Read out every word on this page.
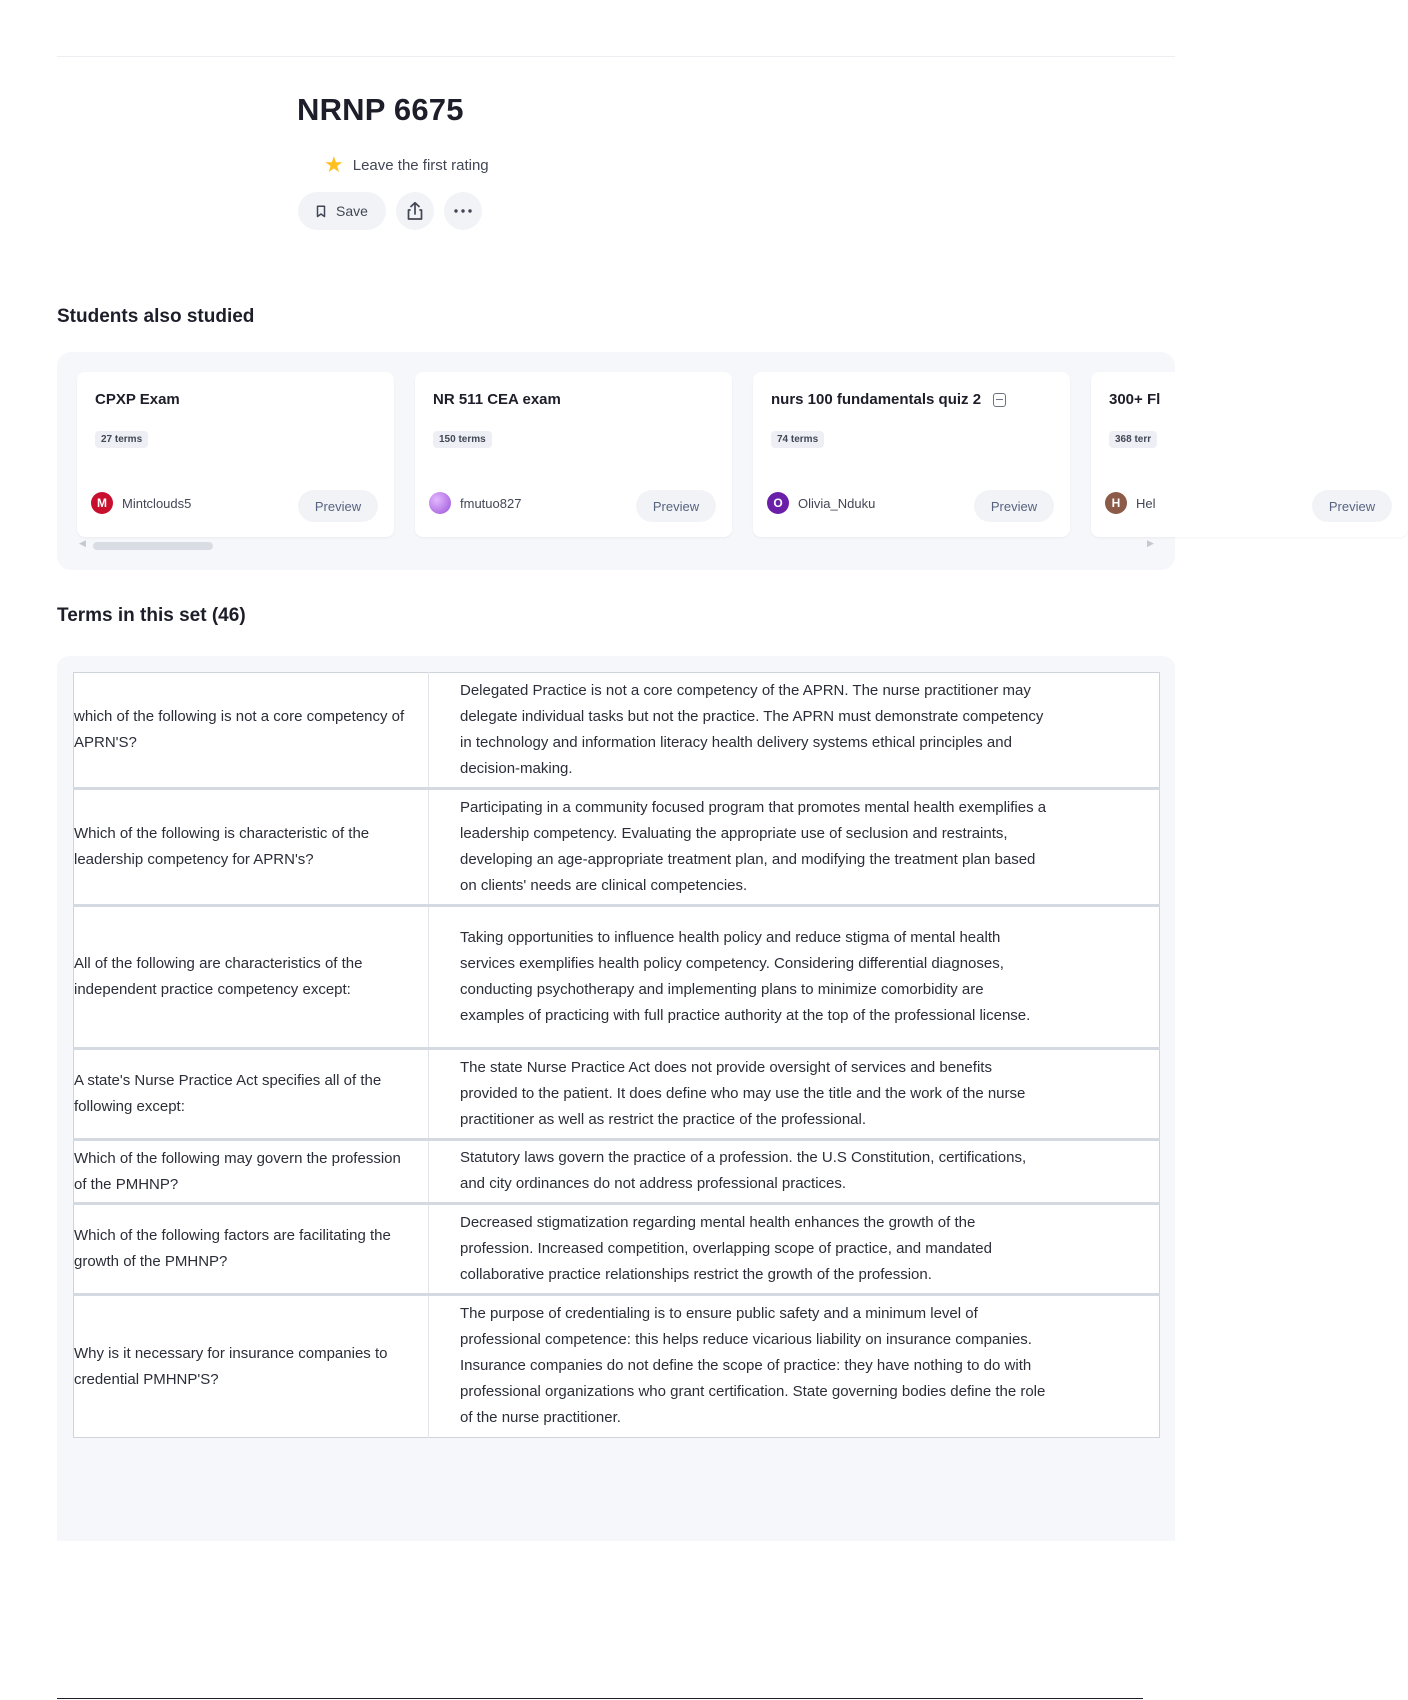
NRNP 6675
★ Leave the first rating
Save
Students also studied
CPXP Exam
27 terms
M	Mintclouds5	Preview
NR 511 CEA exam
150 terms
fmutuo827	Preview
nurs 100 fundamentals quiz 2
74 terms
O	Olivia_Nduku	Preview
300+ Fl
368 terr
H	Hel	Preview
◀	▶
Terms in this set (46)
which of the following is not a core competency of APRN'S?	Delegated Practice is not a core competency of the APRN. The nurse practitioner may delegate individual tasks but not the practice. The APRN must demonstrate competency in technology and information literacy health delivery systems ethical principles and decision-making.
Which of the following is characteristic of the leadership competency for APRN's?	Participating in a community focused program that promotes mental health exemplifies a leadership competency. Evaluating the appropriate use of seclusion and restraints, developing an age-appropriate treatment plan, and modifying the treatment plan based on clients' needs are clinical competencies.
All of the following are characteristics of the independent practice competency except:	Taking opportunities to influence health policy and reduce stigma of mental health services exemplifies health policy competency. Considering differential diagnoses, conducting psychotherapy and implementing plans to minimize comorbidity are examples of practicing with full practice authority at the top of the professional license.
A state's Nurse Practice Act specifies all of the following except:	The state Nurse Practice Act does not provide oversight of services and benefits provided to the patient. It does define who may use the title and the work of the nurse practitioner as well as restrict the practice of the professional.
Which of the following may govern the profession of the PMHNP?	Statutory laws govern the practice of a profession. the U.S Constitution, certifications, and city ordinances do not address professional practices.
Which of the following factors are facilitating the growth of the PMHNP?	Decreased stigmatization regarding mental health enhances the growth of the profession. Increased competition, overlapping scope of practice, and mandated collaborative practice relationships restrict the growth of the profession.
Why is it necessary for insurance companies to credential PMHNP'S?	The purpose of credentialing is to ensure public safety and a minimum level of professional competence: this helps reduce vicarious liability on insurance companies. Insurance companies do not define the scope of practice: they have nothing to do with professional organizations who grant certification. State governing bodies define the role of the nurse practitioner.
